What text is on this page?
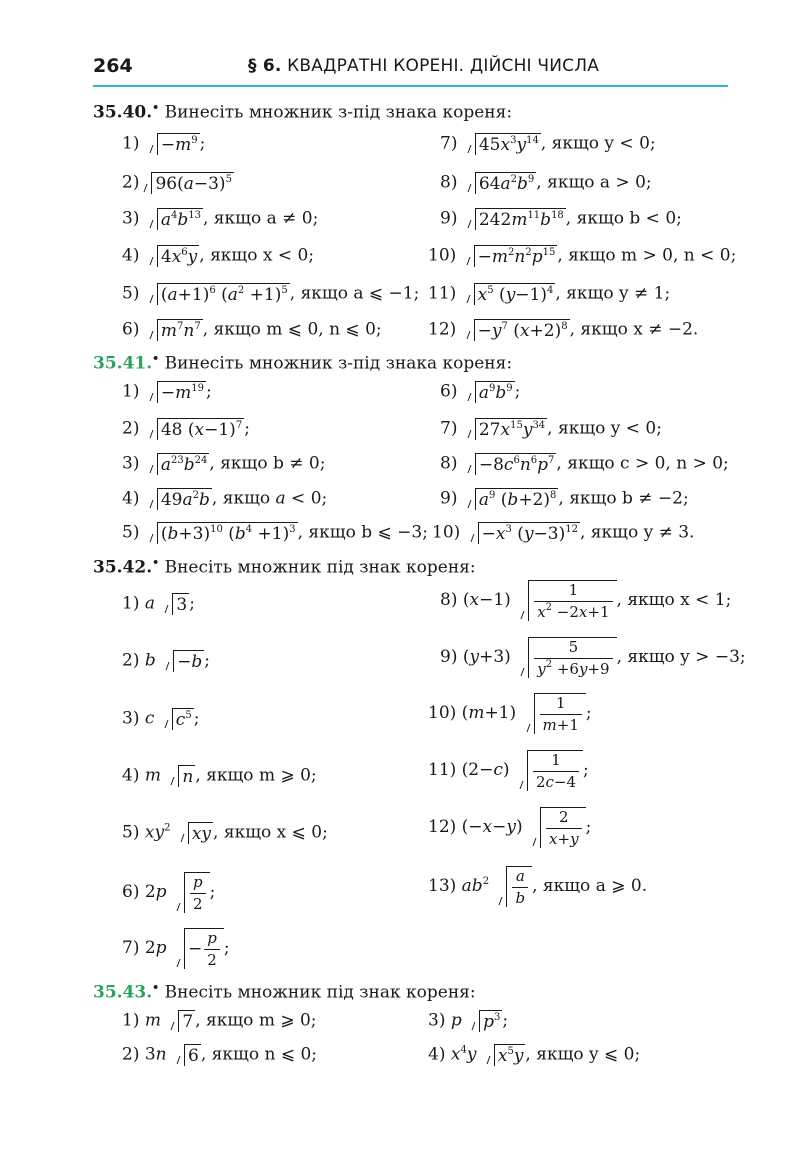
264	§ 6. КВАДРАТНІ КОРЕНІ. ДІЙСНІ ЧИСЛА
35.40.• Винесіть множник з-під знака кореня:
$1) -m^9$ ;
2) $96(a-3)^5$
3) $a^4b^{13}$ , якщо a ≠ 0;
4) $4x^6y$ , якщо x < 0;
5) $(a+1)^6$ $(a^2 +1)^5$ , якщо a ⩽ −1;
6) $m^7n^7$ , якщо m ⩽ 0, n ⩽ 0;
7) $45x^3y^{14}$ , якщо y < 0;
8) $64a^2b^9$ , якщо a > 0;
9) $242m^{11}b^{18}$ , якщо b < 0;
$10) -m^2n^2p^{15}$ , якщо m > 0, n < 0;
11) $x^5$ $(y-1)^4$ , якщо y ≠ 1;
$12) -y^7$ $(x+2)^8$ , якщо x ≠ −2.
35.41.• Винесіть множник з-під знака кореня:
$1) -m^{19}$ ;
2) 48 $(x-1)^7$ ;
3) $a^{23}b^{24}$ , якщо b ≠ 0;
4) $49a^2b$ , якщо a < 0;
5) $(b+3)^{10}$ $(b^4 +1)^3$ , якщо b ⩽ −3;
6) $a^9b^9$ ;
7) $27x^{15}y^{34}$ , якщо y < 0;
$8) -8c^6n^6p^7$ , якщо c > 0, n > 0;
9) $a^9$ $(b+2)^8$ , якщо b ≠ −2;
$10) -x^3$ $(y-3)^{12}$ , якщо y ≠ 3.
35.42.• Внесіть множник під знак кореня:
1) a 3 ;
2) b −b ;
3) c $c^5$ ;
4) m n , якщо m ⩾ 0;
5) $xy^2$ xy , якщо x ⩽ 0;
6) $2p \frac{p}{2}$ ;
7) $2p - \frac{p}{2}$ ;
8) $(x-1) \frac{1}{x^2 -2x+1}$ , якщо x < 1;
9) $(y+3) \frac{5}{y^2 +6y+9}$ , якщо y > −3;
10) $(m+1) \frac{1}{m+1}$ ;
11) $(2-c) \frac{1}{2c-4}$ ;
12) $(-x-y) \frac{2}{x+y}$ ;
13) $ab^2 \frac{a}{b}$ , якщо a ⩾ 0.
35.43.• Внесіть множник під знак кореня:
1) m 7 , якщо m ⩾ 0;
2) 3n 6 , якщо n ⩽ 0;
3) p $p^3$ ;
4) $x^4y$ $x^5y$ , якщо y ⩽ 0;
